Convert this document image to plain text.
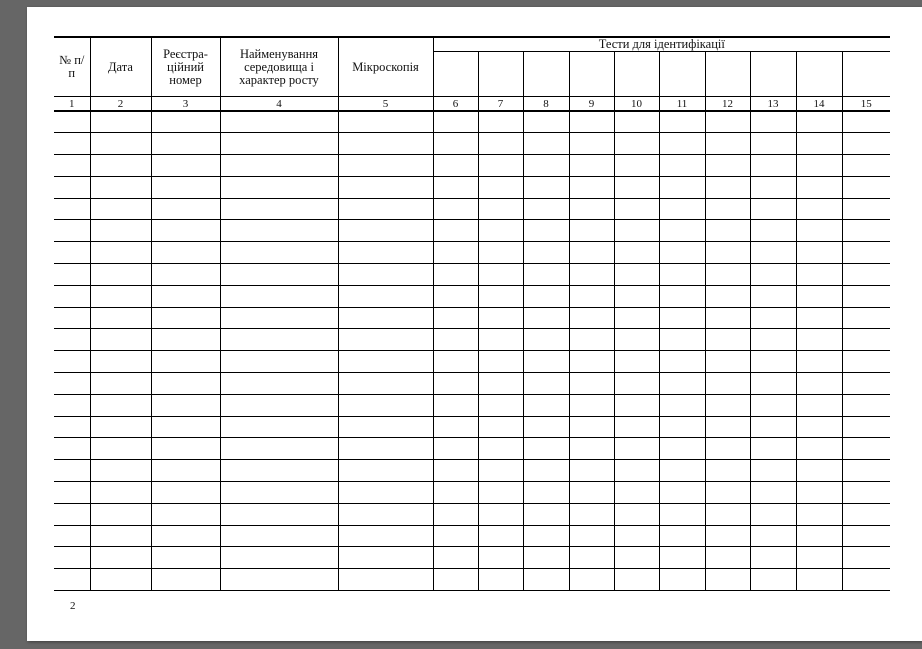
№ п/п	Дата	Реєстра-ційний номер	Найменування середовища і характер росту	Мікроскопія	Тести для ідентифікації									

1	2	3	4	5	6	7	8	9	10	11	12	13	14	15

2
